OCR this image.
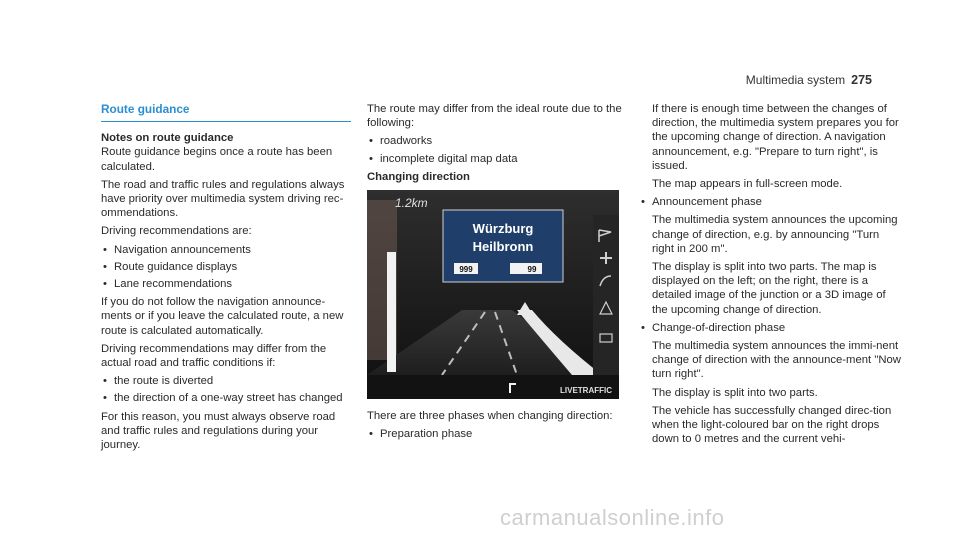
Multimedia system 275
Route guidance
Notes on route guidance

Route guidance begins once a route has been calculated.

The road and traffic rules and regulations always have priority over multimedia system driving rec-ommendations.

Driving recommendations are:

• Navigation announcements
• Route guidance displays
• Lane recommendations

If you do not follow the navigation announce-ments or if you leave the calculated route, a new route is calculated automatically.

Driving recommendations may differ from the actual road and traffic conditions if:

• the route is diverted
• the direction of a one-way street has changed

For this reason, you must always observe road and traffic rules and regulations during your journey.

The route may differ from the ideal route due to the following:

• roadworks
• incomplete digital map data
Changing direction
1.2km
Würzburg
Heilbronn
999	99
LIVETRAFFIC

There are three phases when changing direction:

• Preparation phase

If there is enough time between the changes of direction, the multimedia system prepares you for the upcoming change of direction. A navigation announcement, e.g. "Prepare to turn right", is issued.

The map appears in full-screen mode.

• Announcement phase

The multimedia system announces the upcoming change of direction, e.g. by announcing "Turn right in 200 m".

The display is split into two parts. The map is displayed on the left; on the right, there is a detailed image of the junction or a 3D image of the upcoming change of direction.

• Change-of-direction phase

The multimedia system announces the immi-nent change of direction with the announce-ment "Now turn right".

The display is split into two parts.

The vehicle has successfully changed direc-tion when the light-coloured bar on the right drops down to 0 metres and the current vehi-

carmanualsonline.info
